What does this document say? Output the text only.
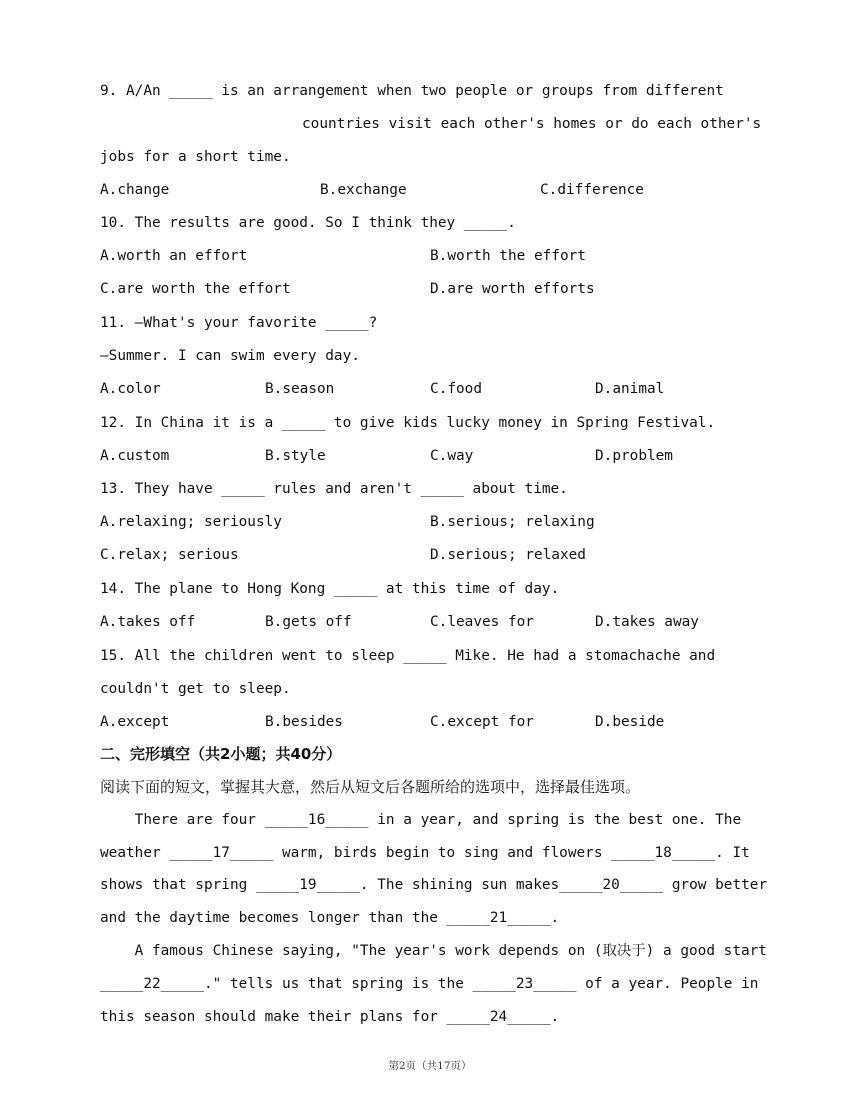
9. A/An _____ is an arrangement when two people or groups from different
countries visit each other's homes or do each other's
jobs for a short time.
A.change	B.exchange	C.difference
10. The results are good. So I think they _____.
A.worth an effort	B.worth the effort
C.are worth the effort	D.are worth efforts
11. —What's your favorite _____?
—Summer. I can swim every day.
A.color	B.season	C.food	D.animal
12. In China it is a _____ to give kids lucky money in Spring Festival.
A.custom	B.style	C.way	D.problem
13. They have _____ rules and aren't _____ about time.
A.relaxing; seriously	B.serious; relaxing
C.relax; serious	D.serious; relaxed
14. The plane to Hong Kong _____ at this time of day.
A.takes off	B.gets off	C.leaves for	D.takes away
15. All the children went to sleep _____ Mike. He had a stomachache and
couldn't get to sleep.
A.except	B.besides	C.except for	D.beside
二、完形填空（共2小题；共40分）
阅读下面的短文，掌握其大意，然后从短文后各题所给的选项中，选择最佳选项。
There are four _____16_____ in a year, and spring is the best one. The
weather _____17_____ warm, birds begin to sing and flowers _____18_____. It
shows that spring _____19_____. The shining sun makes_____20_____ grow better
and the daytime becomes longer than the _____21_____.
A famous Chinese saying, "The year's work depends on (取决于) a good start
_____22_____." tells us that spring is the _____23_____ of a year. People in
this season should make their plans for _____24_____.
第2页（共17页）
